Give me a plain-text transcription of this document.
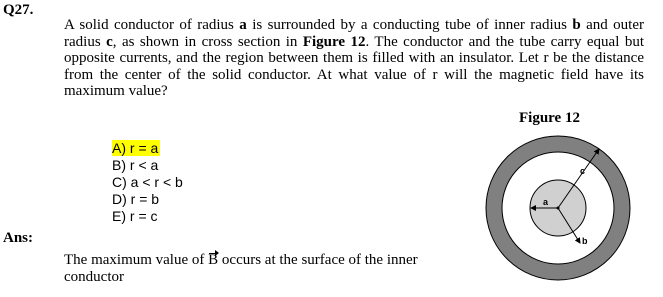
Q27.
A solid conductor of radius a is surrounded by a conducting tube of inner radius b and outer radius c, as shown in cross section in Figure 12. The conductor and the tube carry equal but opposite currents, and the region between them is filled with an insulator. Let r be the distance from the center of the solid conductor. At what value of r will the magnetic field have its maximum value?
Figure 12
A) r = a
B) r < a
C) a < r < b
D) r = b
E) r = c
Ans:
The maximum value of B occurs at the surface of the inner conductor
a
b
c
